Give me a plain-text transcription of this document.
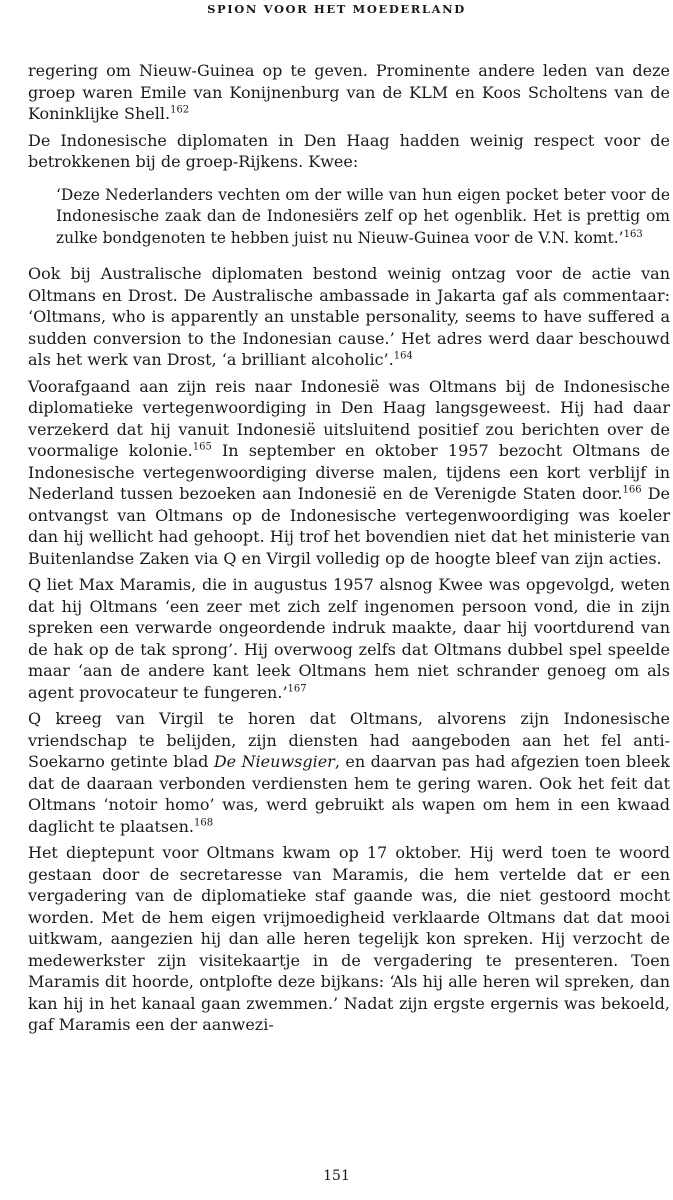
SPION VOOR HET MOEDERLAND

regering om Nieuw-Guinea op te geven. Prominente andere leden van deze groep waren Emile van Konijnenburg van de KLM en Koos Scholtens van de Koninklijke Shell.$^{162}$

De Indonesische diplomaten in Den Haag hadden weinig respect voor de betrokkenen bij de groep-Rijkens. Kwee:

‘Deze Nederlanders vechten om der wille van hun eigen pocket beter voor de Indonesische zaak dan de Indonesiërs zelf op het ogenblik. Het is prettig om zulke bondgenoten te hebben juist nu Nieuw-Guinea voor de V.N. komt.’$^{163}$

Ook bij Australische diplomaten bestond weinig ontzag voor de actie van Oltmans en Drost. De Australische ambassade in Jakarta gaf als commentaar: ‘Oltmans, who is apparently an unstable personality, seems to have suffered a sudden conversion to the Indonesian cause.’ Het adres werd daar beschouwd als het werk van Drost, ‘a brilliant alcoholic’.$^{164}$

Voorafgaand aan zijn reis naar Indonesië was Oltmans bij de Indonesische diplomatieke vertegenwoordiging in Den Haag langsgeweest. Hij had daar verzekerd dat hij vanuit Indonesië uitsluitend positief zou berichten over de voormalige kolonie.$^{165}$ In september en oktober 1957 bezocht Oltmans de Indonesische vertegenwoordiging diverse malen, tijdens een kort verblijf in Nederland tussen bezoeken aan Indonesië en de Verenigde Staten door.$^{166}$ De ontvangst van Oltmans op de Indonesische vertegenwoordiging was koeler dan hij wellicht had gehoopt. Hij trof het bovendien niet dat het ministerie van Buitenlandse Zaken via Q en Virgil volledig op de hoogte bleef van zijn acties.

Q liet Max Maramis, die in augustus 1957 alsnog Kwee was opgevolgd, weten dat hij Oltmans ‘een zeer met zich zelf ingenomen persoon vond, die in zijn spreken een verwarde ongeordende indruk maakte, daar hij voortdurend van de hak op de tak sprong’. Hij overwoog zelfs dat Oltmans dubbel spel speelde maar ‘aan de andere kant leek Oltmans hem niet schrander genoeg om als agent provocateur te fungeren.’$^{167}$

Q kreeg van Virgil te horen dat Oltmans, alvorens zijn Indonesische vriendschap te belijden, zijn diensten had aangeboden aan het fel anti-Soekarno getinte blad De Nieuwsgier, en daarvan pas had afgezien toen bleek dat de daaraan verbonden verdiensten hem te gering waren. Ook het feit dat Oltmans ‘notoir homo’ was, werd gebruikt als wapen om hem in een kwaad daglicht te plaatsen.$^{168}$

Het dieptepunt voor Oltmans kwam op 17 oktober. Hij werd toen te woord gestaan door de secretaresse van Maramis, die hem vertelde dat er een vergadering van de diplomatieke staf gaande was, die niet gestoord mocht worden. Met de hem eigen vrijmoedigheid verklaarde Oltmans dat dat mooi uitkwam, aangezien hij dan alle heren tegelijk kon spreken. Hij verzocht de medewerkster zijn visitekaartje in de vergadering te presenteren. Toen Maramis dit hoorde, ontplofte deze bijkans: ‘Als hij alle heren wil spreken, dan kan hij in het kanaal gaan zwemmen.’ Nadat zijn ergste ergernis was bekoeld, gaf Maramis een der aanwezi-

151
